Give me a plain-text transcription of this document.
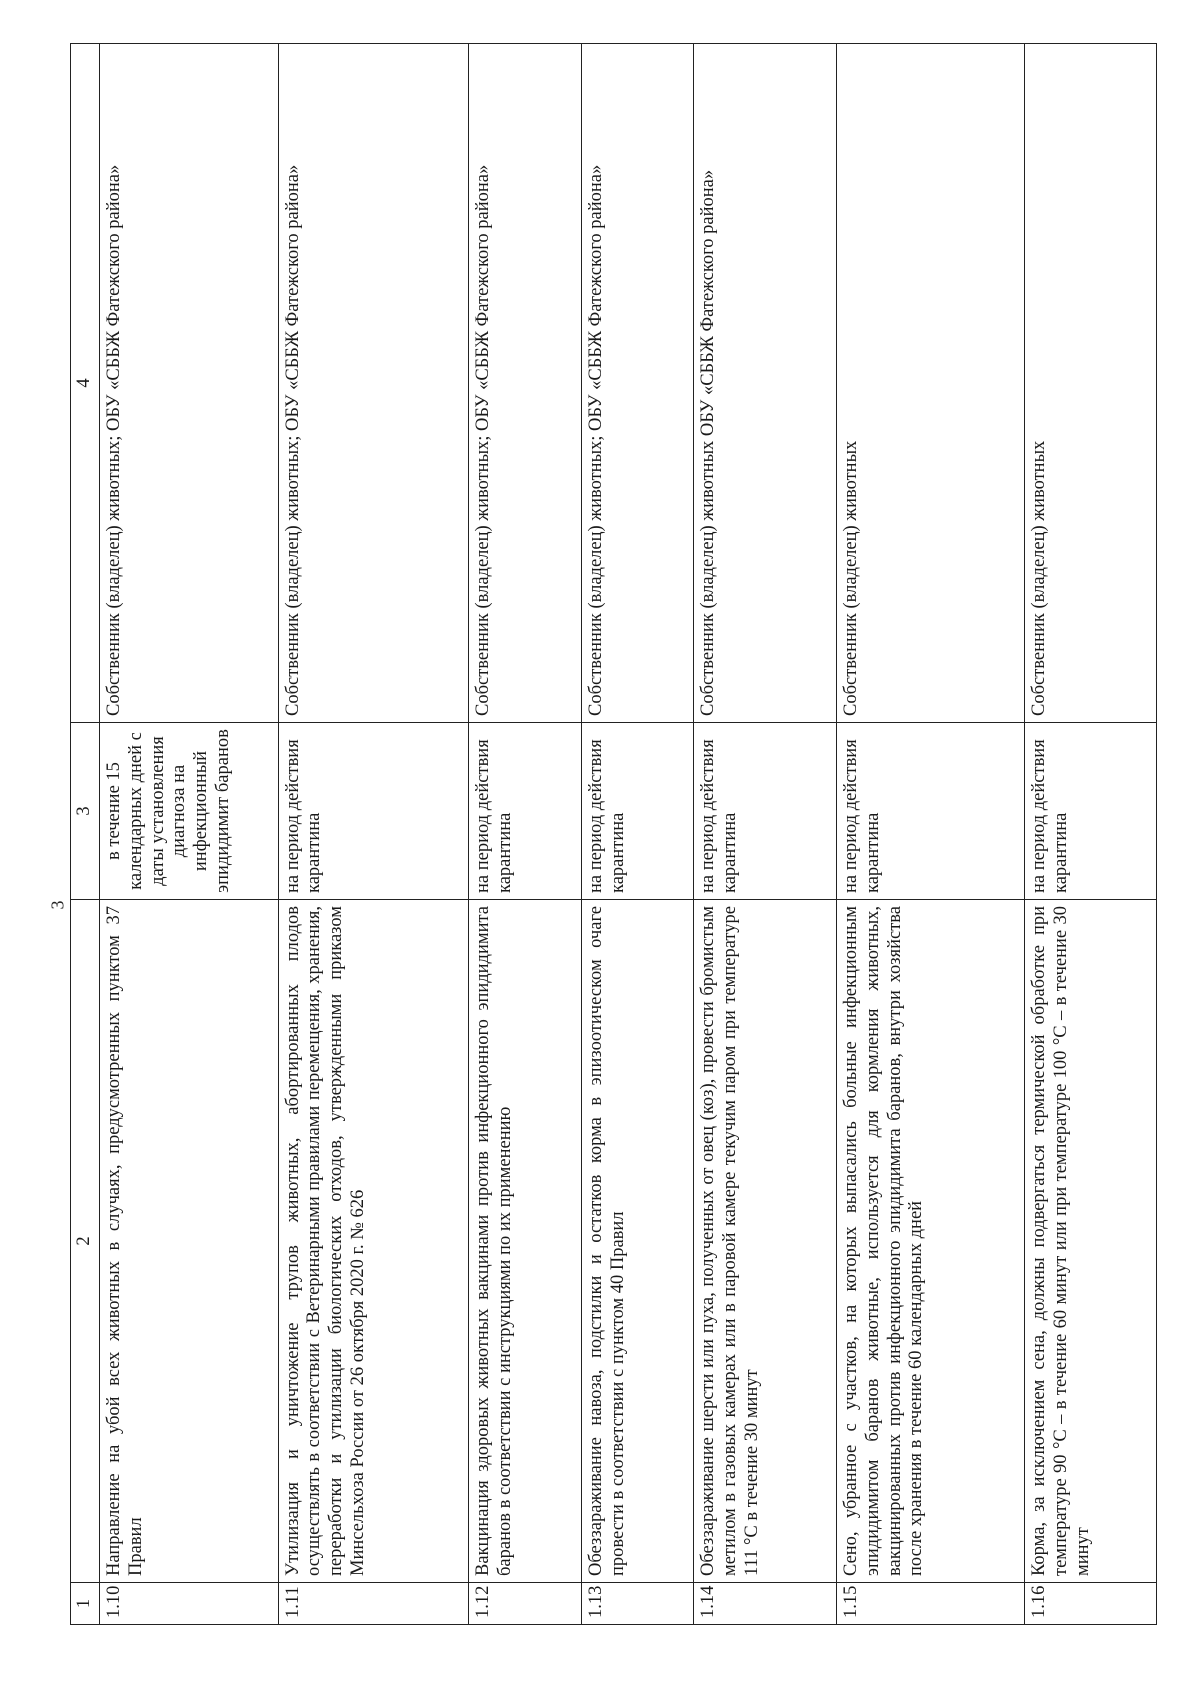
3
1	2	3	4
1.10	Направление на убой всех животных в случаях, предусмотренных пунктом 37 Правил	в течение 15 календарных дней с даты установления диагноза на инфекционный эпидидимит баранов	Собственник (владелец) животных; ОБУ «СББЖ Фатежского района»
1.11	Утилизация и уничтожение трупов животных, абортированных плодов осуществлять в соответствии с Ветеринарными правилами перемещения, хранения, переработки и утилизации биологических отходов, утвержденными приказом Минсельхоза России от 26 октября 2020 г. № 626	на период действия карантина	Собственник (владелец) животных; ОБУ «СББЖ Фатежского района»
1.12	Вакцинация здоровых животных вакцинами против инфекционного эпидидимита баранов в соответствии с инструкциями по их применению	на период действия карантина	Собственник (владелец) животных; ОБУ «СББЖ Фатежского района»
1.13	Обеззараживание навоза, подстилки и остатков корма в эпизоотическом очаге провести в соответствии с пунктом 40 Правил	на период действия карантина	Собственник (владелец) животных; ОБУ «СББЖ Фатежского района»
1.14	Обеззараживание шерсти или пуха, полученных от овец (коз), провести бромистым метилом в газовых камерах или в паровой камере текучим паром при температуре 111 °С в течение 30 минут	на период действия карантина	Собственник (владелец) животных ОБУ «СББЖ Фатежского района»
1.15	Сено, убранное с участков, на которых выпасались больные инфекционным эпидидимитом баранов животные, используется для кормления животных, вакцинированных против инфекционного эпидидимита баранов, внутри хозяйства после хранения в течение 60 календарных дней	на период действия карантина	Собственник (владелец) животных
1.16	Корма, за исключением сена, должны подвергаться термической обработке при температуре 90 °С – в течение 60 минут или при температуре 100 °С – в течение 30 минут	на период действия карантина	Собственник (владелец) животных
